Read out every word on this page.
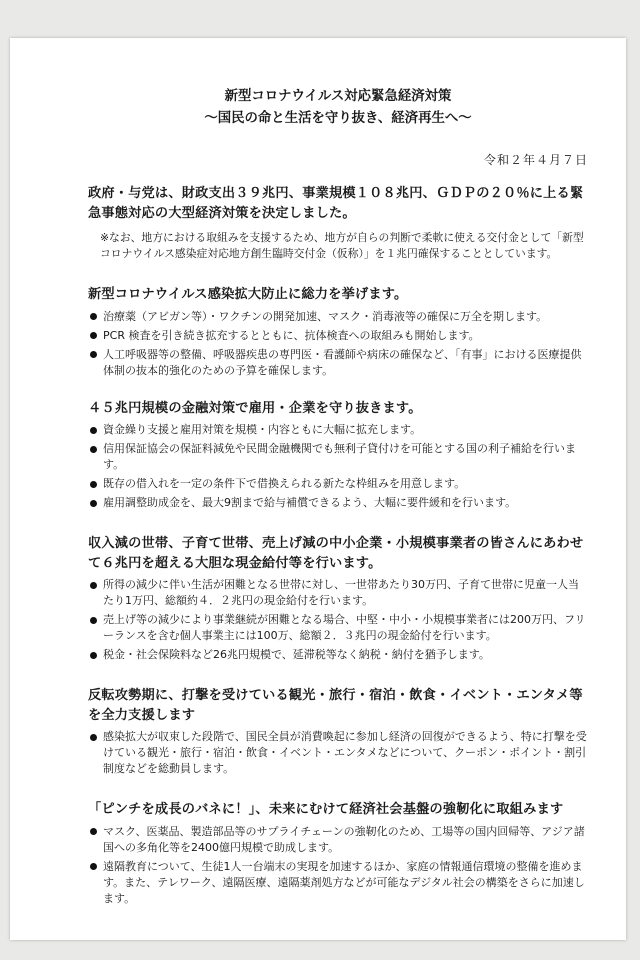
新型コロナウイルス対応緊急経済対策
〜国民の命と生活を守り抜き、経済再生へ〜
令和２年４月７日
政府・与党は、財政支出３９兆円、事業規模１０８兆円、ＧＤＰの２０％に上る緊急事態対応の大型経済対策を決定しました。
※なお、地方における取組みを支援するため、地方が自らの判断で柔軟に使える交付金として「新型コロナウイルス感染症対応地方創生臨時交付金（仮称）」を１兆円確保することとしています。
新型コロナウイルス感染拡大防止に総力を挙げます。
治療薬（アビガン等）・ワクチンの開発加速、マスク・消毒液等の確保に万全を期します。
PCR 検査を引き続き拡充するとともに、抗体検査への取組みも開始します。
人工呼吸器等の整備、呼吸器疾患の専門医・看護師や病床の確保など、「有事」における医療提供体制の抜本的強化のための予算を確保します。
４５兆円規模の金融対策で雇用・企業を守り抜きます。
資金繰り支援と雇用対策を規模・内容ともに大幅に拡充します。
信用保証協会の保証料減免や民間金融機関でも無利子貸付けを可能とする国の利子補給を行います。
既存の借入れを一定の条件下で借換えられる新たな枠組みを用意します。
雇用調整助成金を、最大9割まで給与補償できるよう、大幅に要件緩和を行います。
収入減の世帯、子育て世帯、売上げ減の中小企業・小規模事業者の皆さんにあわせて６兆円を超える大胆な現金給付等を行います。
所得の減少に伴い生活が困難となる世帯に対し、一世帯あたり30万円、子育て世帯に児童一人当たり1万円、総額約４．２兆円の現金給付を行います。
売上げ等の減少により事業継続が困難となる場合、中堅・中小・小規模事業者には200万円、フリーランスを含む個人事業主には100万、総額２．３兆円の現金給付を行います。
税金・社会保険料など26兆円規模で、延滞税等なく納税・納付を猶予します。
反転攻勢期に、打撃を受けている観光・旅行・宿泊・飲食・イベント・エンタメ等を全力支援します
感染拡大が収束した段階で、国民全員が消費喚起に参加し経済の回復ができるよう、特に打撃を受けている観光・旅行・宿泊・飲食・イベント・エンタメなどについて、クーポン・ポイント・割引制度などを総動員します。
「ピンチを成長のバネに！」、未来にむけて経済社会基盤の強靭化に取組みます
マスク、医薬品、製造部品等のサプライチェーンの強靭化のため、工場等の国内回帰等、アジア諸国への多角化等を2400億円規模で助成します。
遠隔教育について、生徒1人一台端末の実現を加速するほか、家庭の情報通信環境の整備を進めます。また、テレワーク、遠隔医療、遠隔薬剤処方などが可能なデジタル社会の構築をさらに加速します。
